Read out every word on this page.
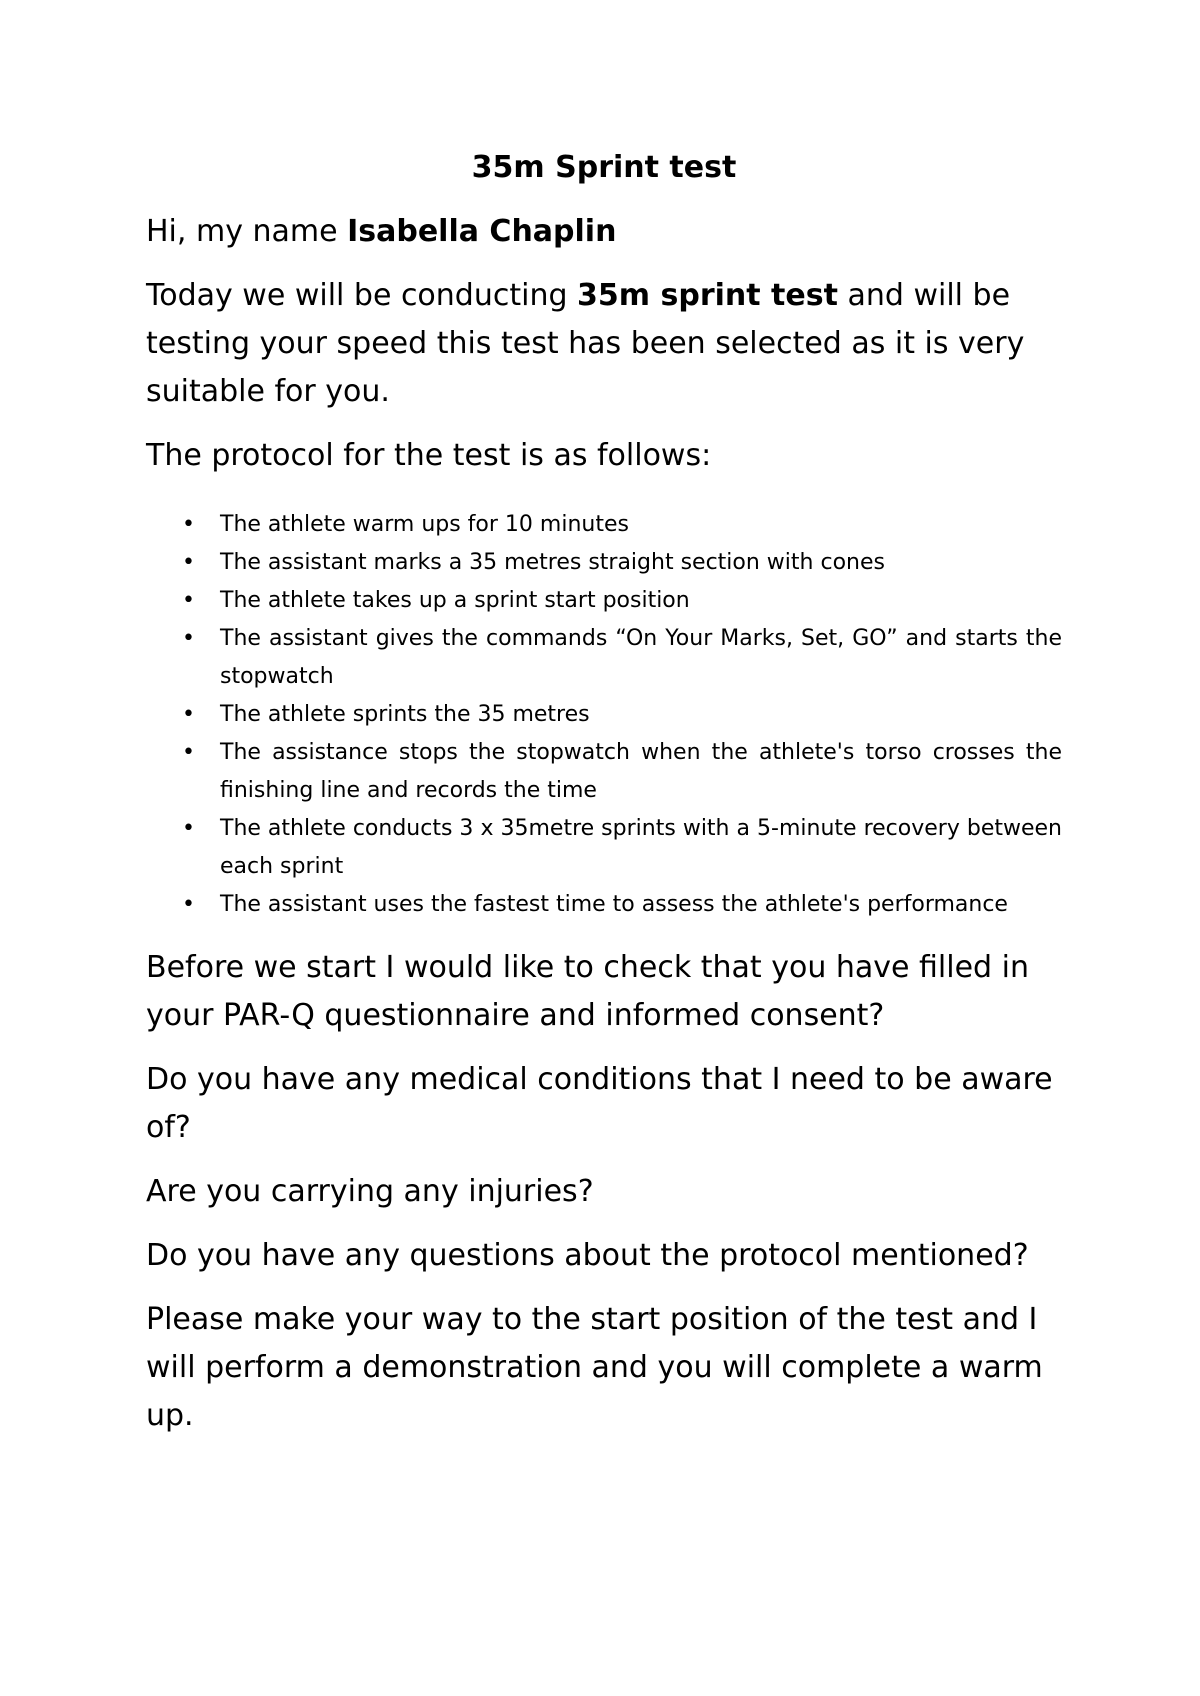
35m Sprint test

Hi, my name Isabella Chaplin

Today we will be conducting 35m sprint test and will be testing your speed this test has been selected as it is very suitable for you.

The protocol for the test is as follows:

• The athlete warm ups for 10 minutes
• The assistant marks a 35 metres straight section with cones
• The athlete takes up a sprint start position
• The assistant gives the commands “On Your Marks, Set, GO” and starts the stopwatch
• The athlete sprints the 35 metres
• The assistance stops the stopwatch when the athlete's torso crosses the finishing line and records the time
• The athlete conducts 3 x 35metre sprints with a 5-minute recovery between each sprint
• The assistant uses the fastest time to assess the athlete's performance

Before we start I would like to check that you have filled in your PAR-Q questionnaire and informed consent?

Do you have any medical conditions that I need to be aware of?

Are you carrying any injuries?

Do you have any questions about the protocol mentioned?

Please make your way to the start position of the test and I will perform a demonstration and you will complete a warm up.
